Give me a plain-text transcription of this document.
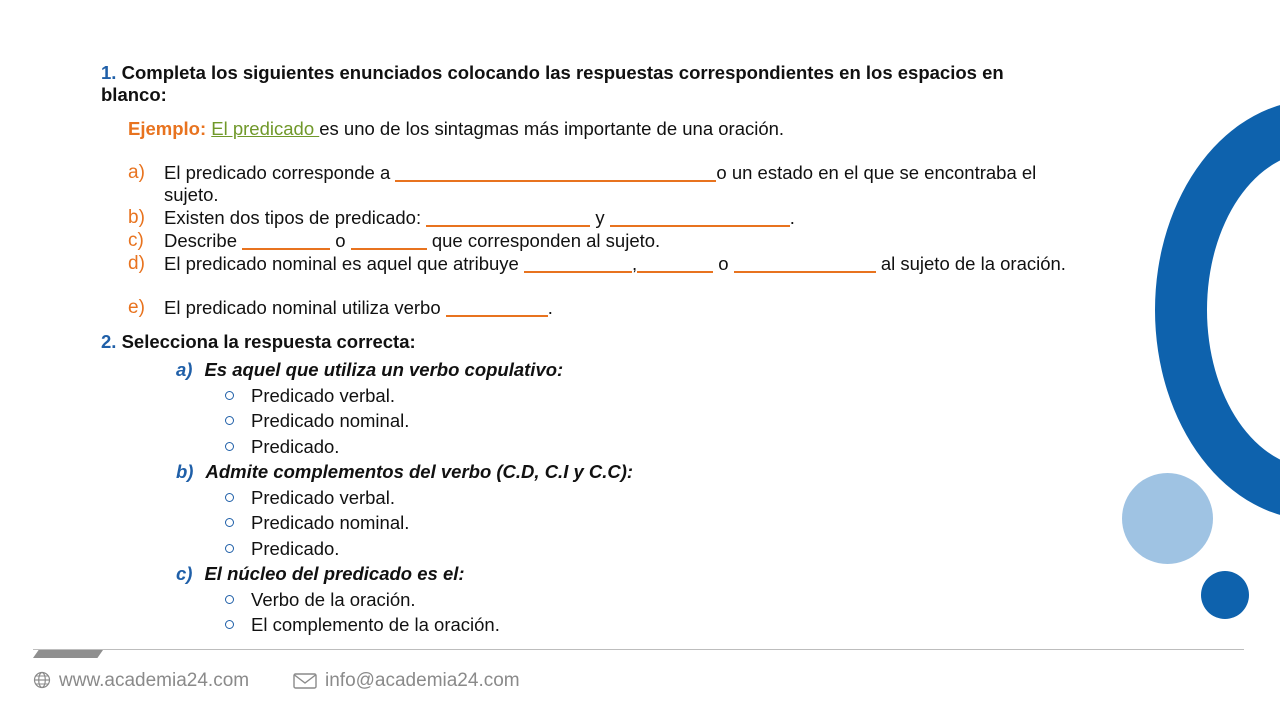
1. Completa los siguientes enunciados colocando las respuestas correspondientes en los espacios en blanco:
Ejemplo: El predicado es uno de los sintagmas más importante de una oración.
a) El predicado corresponde a	o un estado en el que se encontraba el sujeto.
b) Existen dos tipos de predicado:	y	.
c) Describe	o	que corresponden al sujeto.
d) El predicado nominal es aquel que atribuye	,	o	al sujeto de la oración.
e) El predicado nominal utiliza verbo	.
2. Selecciona la respuesta correcta:
a) Es aquel que utiliza un verbo copulativo:
Predicado verbal.
Predicado nominal.
Predicado.
b) Admite complementos del verbo (C.D, C.I y C.C):
Predicado verbal.
Predicado nominal.
Predicado.
c) El núcleo del predicado es el:
Verbo de la oración.
El complemento de la oración.
www.academia24.com	info@academia24.com
